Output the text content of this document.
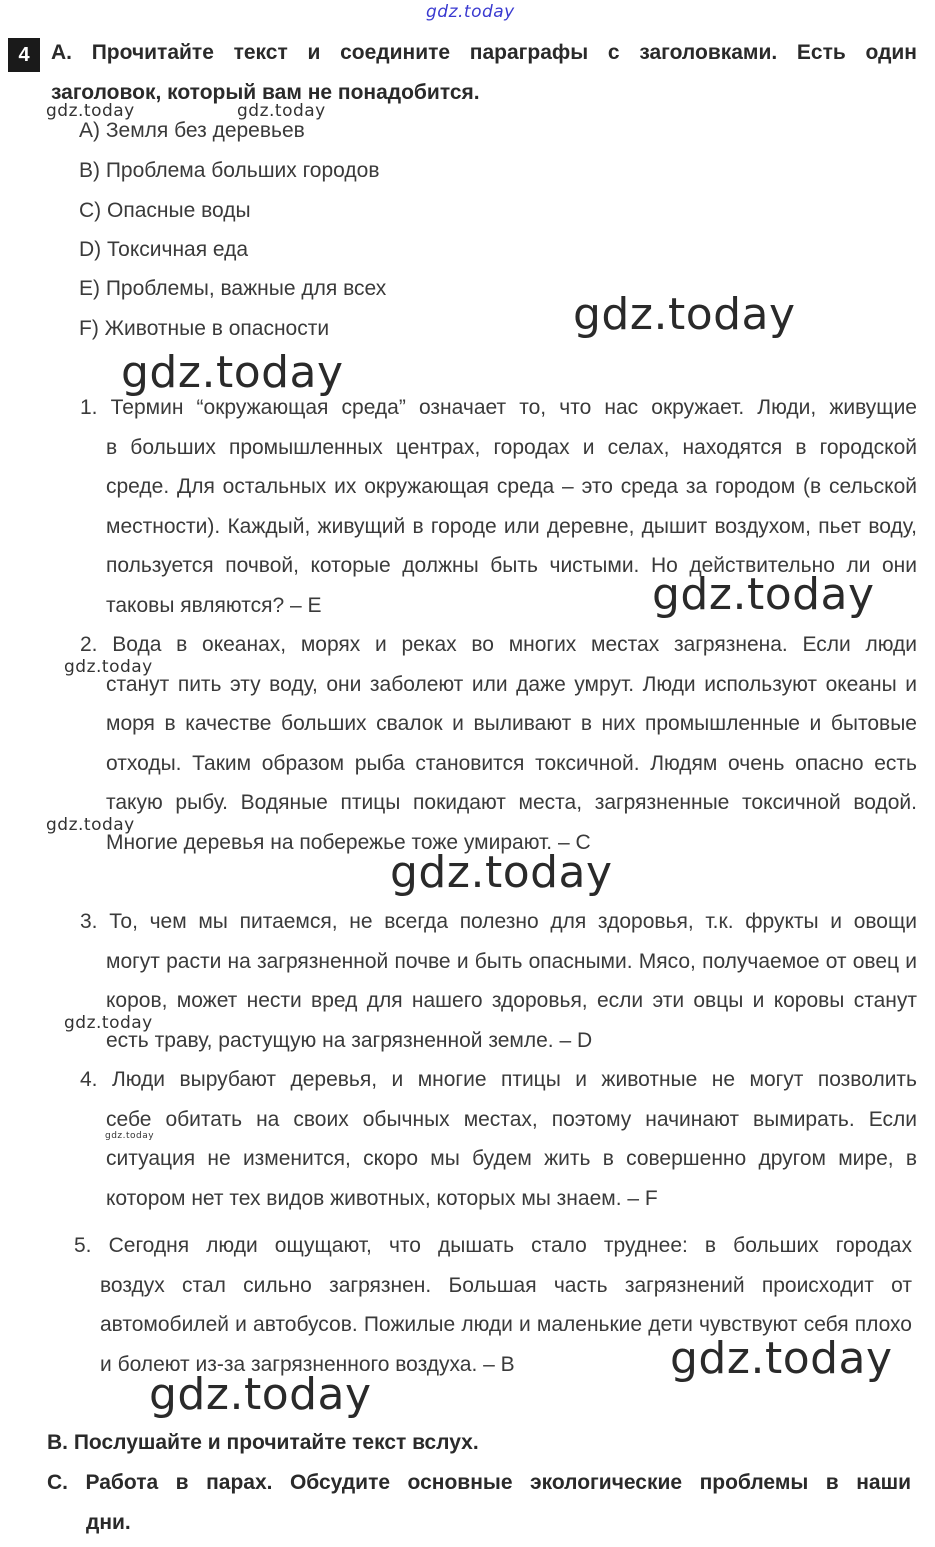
gdz.today
gdz.today	gdz.today
gdz.today
gdz.today
gdz.today
gdz.today
gdz.today
gdz.today
gdz.today
gdz.today
gdz.today
gdz.today
4	A. Прочитайте текст и соедините параграфы с заголовками. Есть один
заголовок, который вам не понадобится.
A) Земля без деревьев
B) Проблема больших городов
C) Опасные воды
D) Токсичная еда
E) Проблемы, важные для всех
F) Животные в опасности
1. Термин “окружающая среда” означает то, что нас окружает. Люди, живущие
в больших промышленных центрах, городах и селах, находятся в городской среде. Для остальных их окружающая среда – это среда за городом (в сельской местности). Каждый, живущий в городе или деревне, дышит воздухом, пьет воду, пользуется почвой, которые должны быть чистыми. Но действительно ли они таковы являются? – E
2. Вода в океанах, морях и реках во многих местах загрязнена. Если люди
станут пить эту воду, они заболеют или даже умрут. Люди используют океаны и моря в качестве больших свалок и выливают в них промышленные и бытовые отходы. Таким образом рыба становится токсичной. Людям очень опасно есть такую рыбу. Водяные птицы покидают места, загрязненные токсичной водой. Многие деревья на побережье тоже умирают. – C
3. То, чем мы питаемся, не всегда полезно для здоровья, т.к. фрукты и овощи
могут расти на загрязненной почве и быть опасными. Мясо, получаемое от овец и коров, может нести вред для нашего здоровья, если эти овцы и коровы станут есть траву, растущую на загрязненной земле. – D
4. Люди вырубают деревья, и многие птицы и животные не могут позволить
себе обитать на своих обычных местах, поэтому начинают вымирать. Если ситуация не изменится, скоро мы будем жить в совершенно другом мире, в котором нет тех видов животных, которых мы знаем. – F
5. Сегодня люди ощущают, что дышать стало труднее: в больших городах
воздух стал сильно загрязнен. Большая часть загрязнений происходит от автомобилей и автобусов. Пожилые люди и маленькие дети чувствуют себя плохо и болеют из-за загрязненного воздуха. – B
B. Послушайте и прочитайте текст вслух.
C. Работа в парах. Обсудите основные экологические проблемы в наши
дни.
